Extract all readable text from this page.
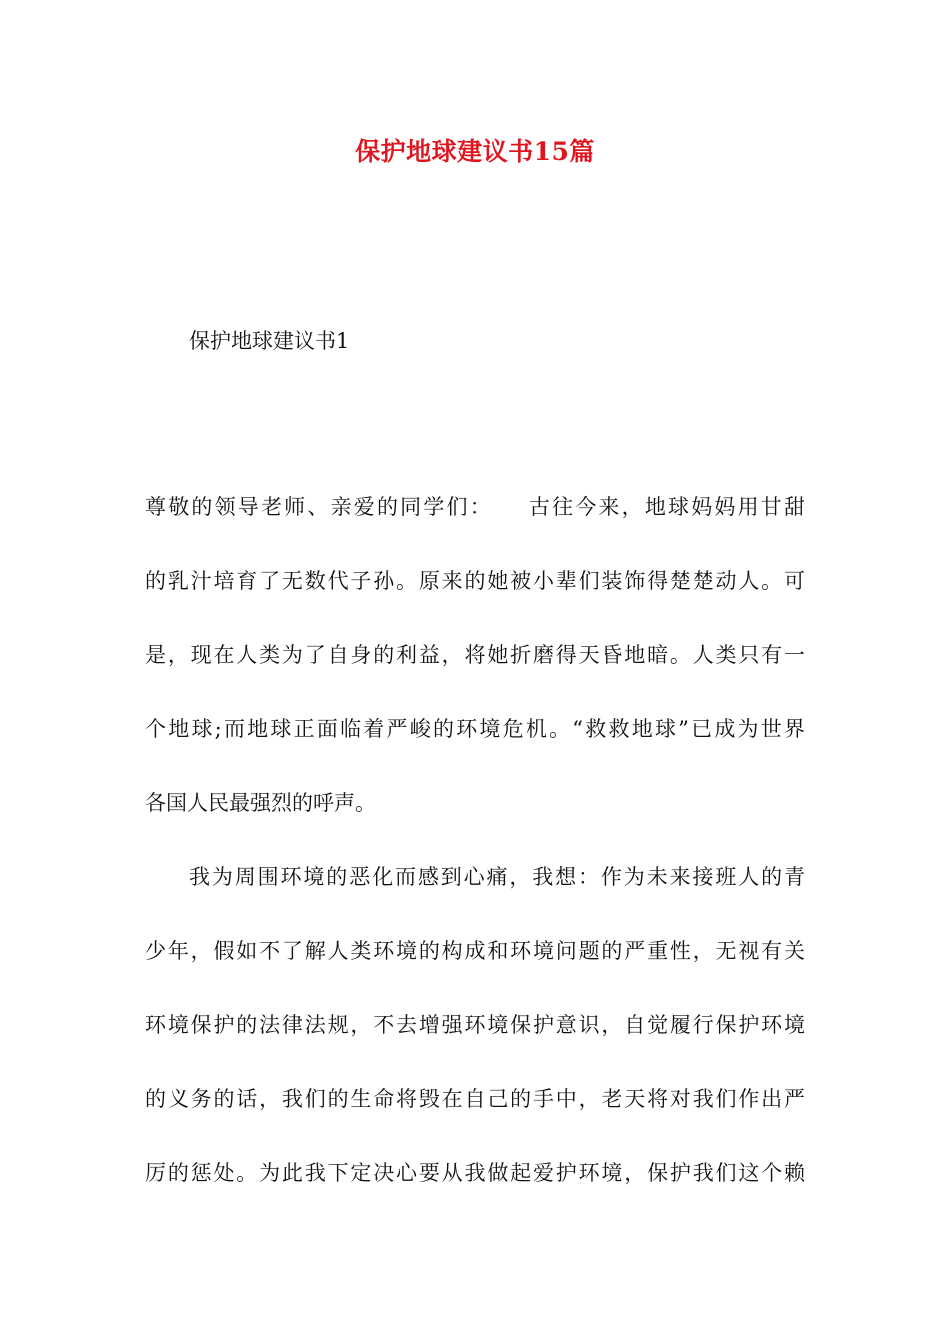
保护地球建议书15篇
保护地球建议书1
尊敬的领导老师、亲爱的同学们：　　古往今来，地球妈妈用甘甜
的乳汁培育了无数代子孙。原来的她被小辈们装饰得楚楚动人。可
是，现在人类为了自身的利益，将她折磨得天昏地暗。人类只有一
个地球;而地球正面临着严峻的环境危机。“救救地球”已成为世界
各国人民最强烈的呼声。
我为周围环境的恶化而感到心痛，我想：作为未来接班人的青
少年，假如不了解人类环境的构成和环境问题的严重性，无视有关
环境保护的法律法规，不去增强环境保护意识，自觉履行保护环境
的义务的话，我们的生命将毁在自己的手中，老天将对我们作出严
厉的惩处。为此我下定决心要从我做起爱护环境，保护我们这个赖
